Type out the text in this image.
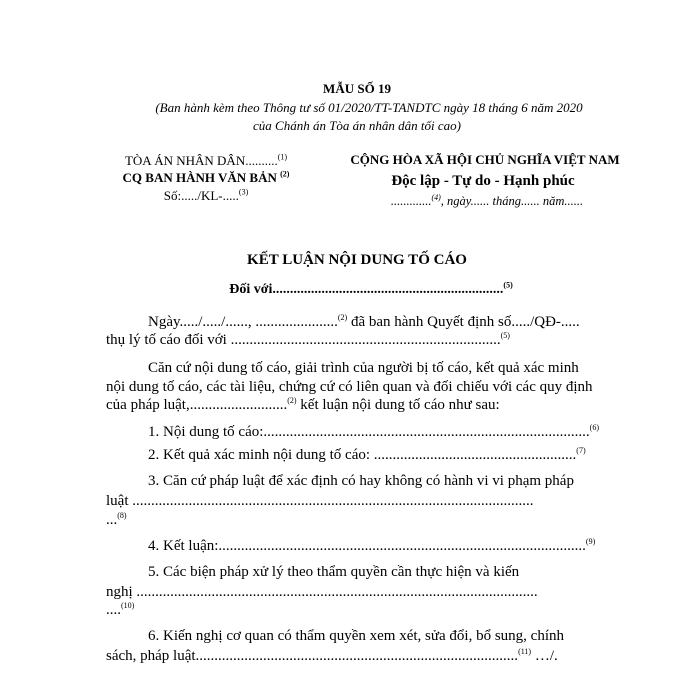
MẪU SỐ 19
(Ban hành kèm theo Thông tư số 01/2020/TT-TANDTC ngày 18 tháng 6 năm 2020
của Chánh án Tòa án nhân dân tối cao)
TÒA ÁN NHÂN DÂN..........$^{(1)}$
CQ BAN HÀNH VĂN BẢN $^{(2)}$
Số:...../KL-.....$^{(3)}$
CỘNG HÒA XÃ HỘI CHỦ NGHĨA VIỆT NAM
Độc lập - Tự do - Hạnh phúc
.............$^{(4)}$, ngày...... tháng...... năm......
KẾT LUẬN NỘI DUNG TỐ CÁO
Đối với..................................................................$^{(5)}$
Ngày...../...../......, ......................$^{(2)}$ đã ban hành Quyết định số...../QĐ-.....
thụ lý tố cáo đối với ........................................................................$^{(5)}$
Căn cứ nội dung tố cáo, giải trình của người bị tố cáo, kết quả xác minh
nội dung tố cáo, các tài liệu, chứng cứ có liên quan và đối chiếu với các quy định
của pháp luật,..........................$^{(2)}$ kết luận nội dung tố cáo như sau:
1. Nội dung tố cáo:.......................................................................................$^{(6)}$
2. Kết quả xác minh nội dung tố cáo: ......................................................$^{(7)}$
3. Căn cứ pháp luật để xác định có hay không có hành vi vi phạm pháp
luật ...........................................................................................................
...$^{(8)}$
4. Kết luận:..................................................................................................$^{(9)}$
5. Các biện pháp xử lý theo thẩm quyền cần thực hiện và kiến
nghị ...........................................................................................................
....$^{(10)}$
6. Kiến nghị cơ quan có thẩm quyền xem xét, sửa đổi, bổ sung, chính
sách, pháp luật......................................................................................$^{(11)}$ …/.
